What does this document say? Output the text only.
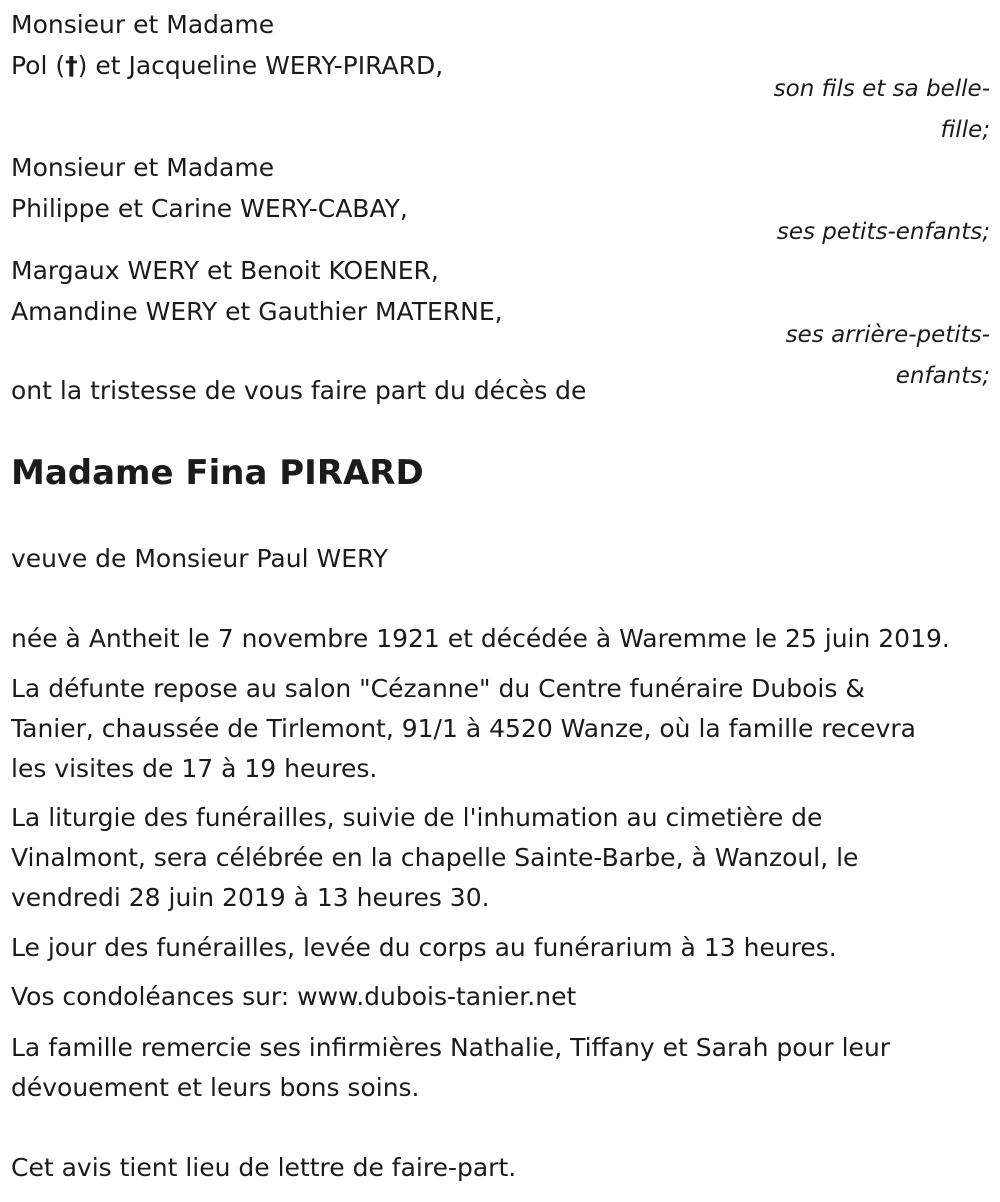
Monsieur et Madame
Pol (†) et Jacqueline WERY-PIRARD,
son fils et sa belle-
fille;
Monsieur et Madame
Philippe et Carine WERY-CABAY,
ses petits-enfants;
Margaux WERY et Benoit KOENER,
Amandine WERY et Gauthier MATERNE,
ses arrière-petits-
enfants;
ont la tristesse de vous faire part du décès de
Madame Fina PIRARD
veuve de Monsieur Paul WERY
née à Antheit le 7 novembre 1921 et décédée à Waremme le 25 juin 2019.
La défunte repose au salon "Cézanne" du Centre funéraire Dubois &
Tanier, chaussée de Tirlemont, 91/1 à 4520 Wanze, où la famille recevra
les visites de 17 à 19 heures.
La liturgie des funérailles, suivie de l'inhumation au cimetière de
Vinalmont, sera célébrée en la chapelle Sainte-Barbe, à Wanzoul, le
vendredi 28 juin 2019 à 13 heures 30.
Le jour des funérailles, levée du corps au funérarium à 13 heures.
Vos condoléances sur: www.dubois-tanier.net
La famille remercie ses infirmières Nathalie, Tiffany et Sarah pour leur
dévouement et leurs bons soins.
Cet avis tient lieu de lettre de faire-part.
